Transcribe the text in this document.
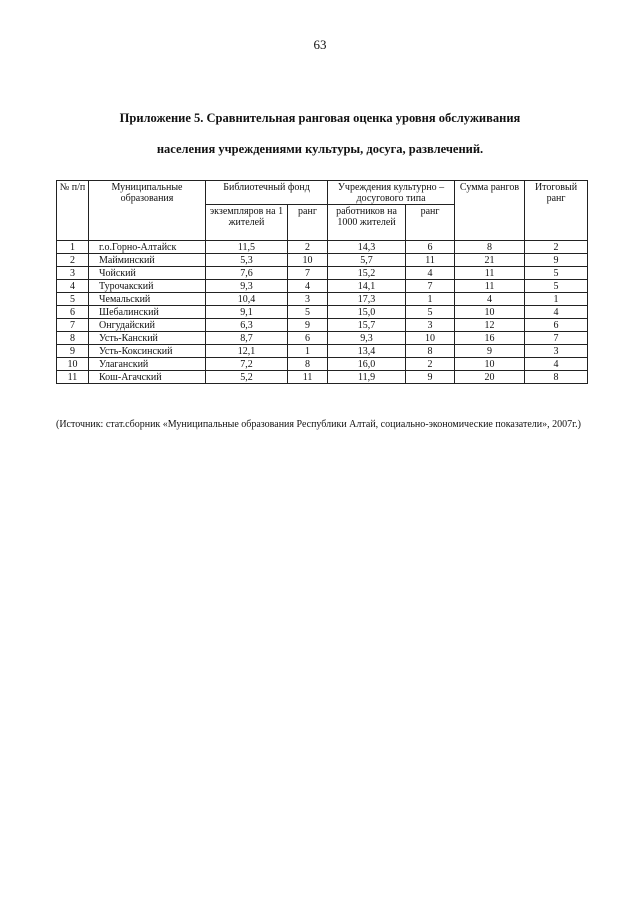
63
Приложение 5. Сравнительная ранговая оценка уровня обслуживания
населения учреждениями культуры, досуга, развлечений.
№ п/п	Муниципальные образования	Библиотечный фонд		Учреждения культурно – досугового типа		Сумма рангов	Итоговый ранг
		экземпляров на 1 жителей	ранг	работников на 1000 жителей	ранг		
1	г.о.Горно-Алтайск	11,5	2	14,3	6	8	2
2	Майминский	5,3	10	5,7	11	21	9
3	Чойский	7,6	7	15,2	4	11	5
4	Турочакский	9,3	4	14,1	7	11	5
5	Чемальский	10,4	3	17,3	1	4	1
6	Шебалинский	9,1	5	15,0	5	10	4
7	Онгудайский	6,3	9	15,7	3	12	6
8	Усть-Канский	8,7	6	9,3	10	16	7
9	Усть-Коксинский	12,1	1	13,4	8	9	3
10	Улаганский	7,2	8	16,0	2	10	4
11	Кош-Агачский	5,2	11	11,9	9	20	8
(Источник: стат.сборник «Муниципальные образования Республики Алтай, социально-экономические показатели», 2007г.)
